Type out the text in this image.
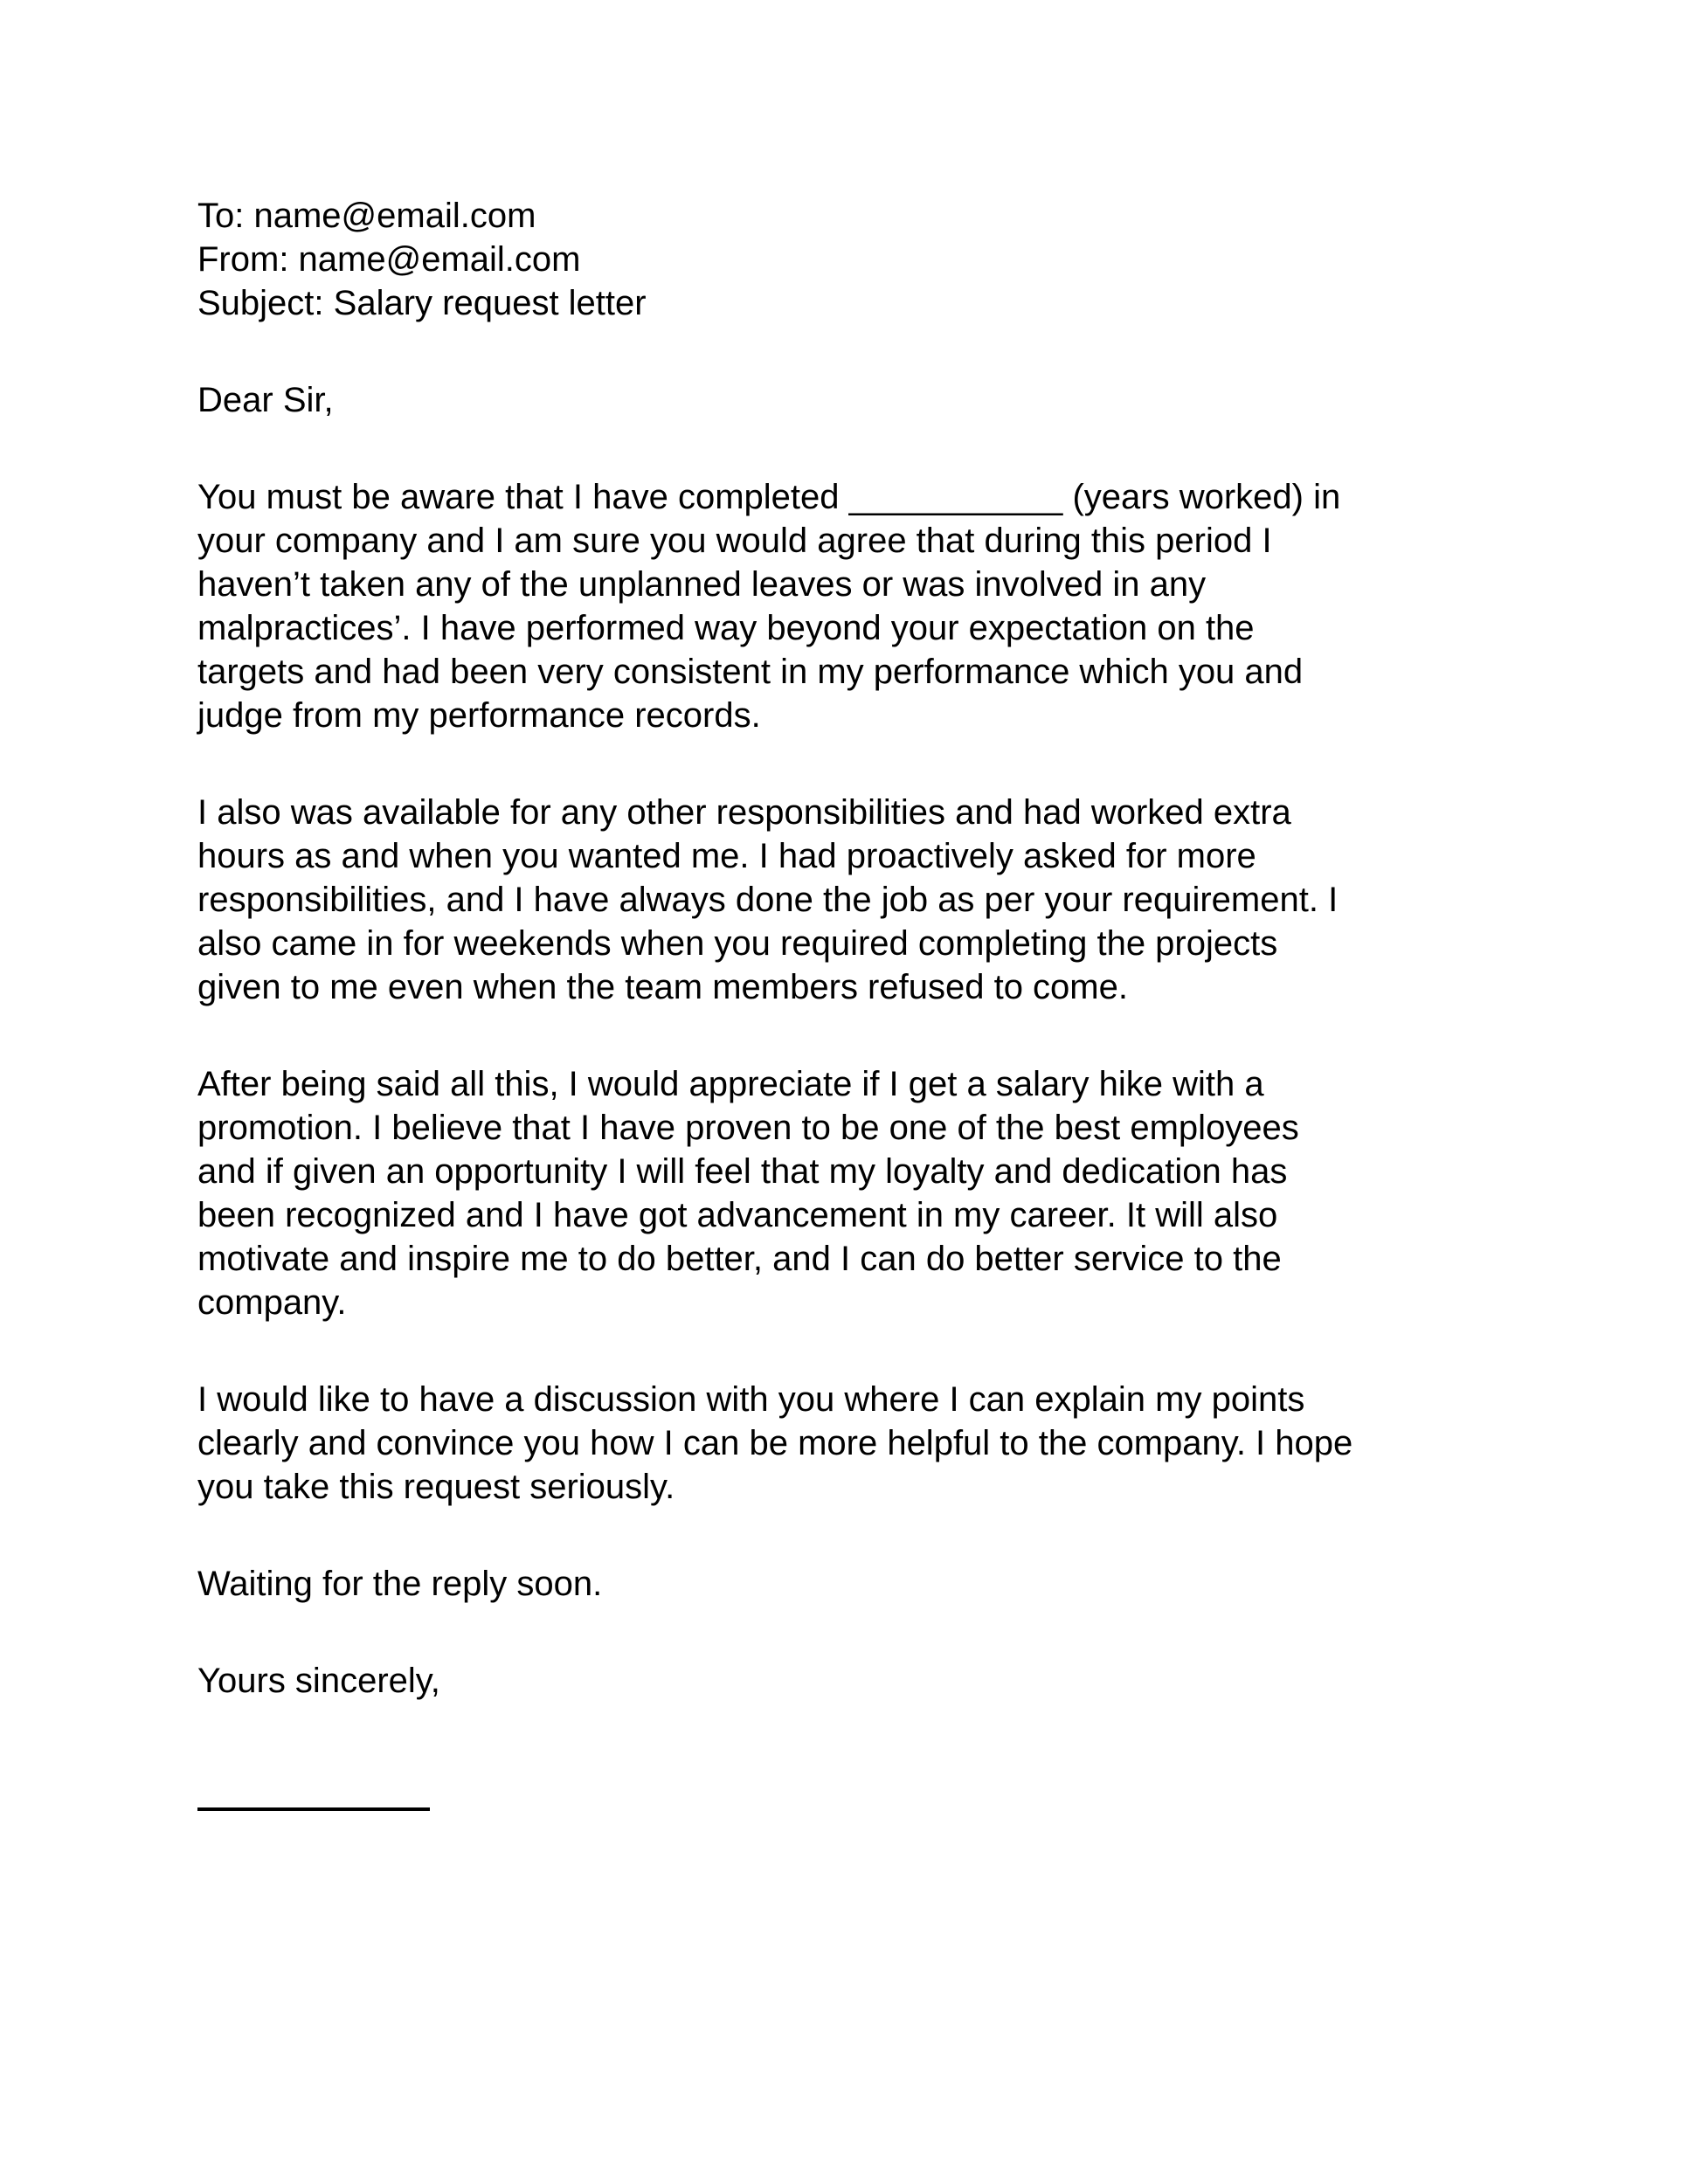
To: name@email.com
From: name@email.com
Subject: Salary request letter
Dear Sir,
You must be aware that I have completed ___________ (years worked) in
your company and I am sure you would agree that during this period I
haven’t taken any of the unplanned leaves or was involved in any
malpractices’. I have performed way beyond your expectation on the
targets and had been very consistent in my performance which you and
judge from my performance records.
I also was available for any other responsibilities and had worked extra
hours as and when you wanted me. I had proactively asked for more
responsibilities, and I have always done the job as per your requirement. I
also came in for weekends when you required completing the projects
given to me even when the team members refused to come.
After being said all this, I would appreciate if I get a salary hike with a
promotion. I believe that I have proven to be one of the best employees
and if given an opportunity I will feel that my loyalty and dedication has
been recognized and I have got advancement in my career. It will also
motivate and inspire me to do better, and I can do better service to the
company.
I would like to have a discussion with you where I can explain my points
clearly and convince you how I can be more helpful to the company. I hope
you take this request seriously.
Waiting for the reply soon.
Yours sincerely,
